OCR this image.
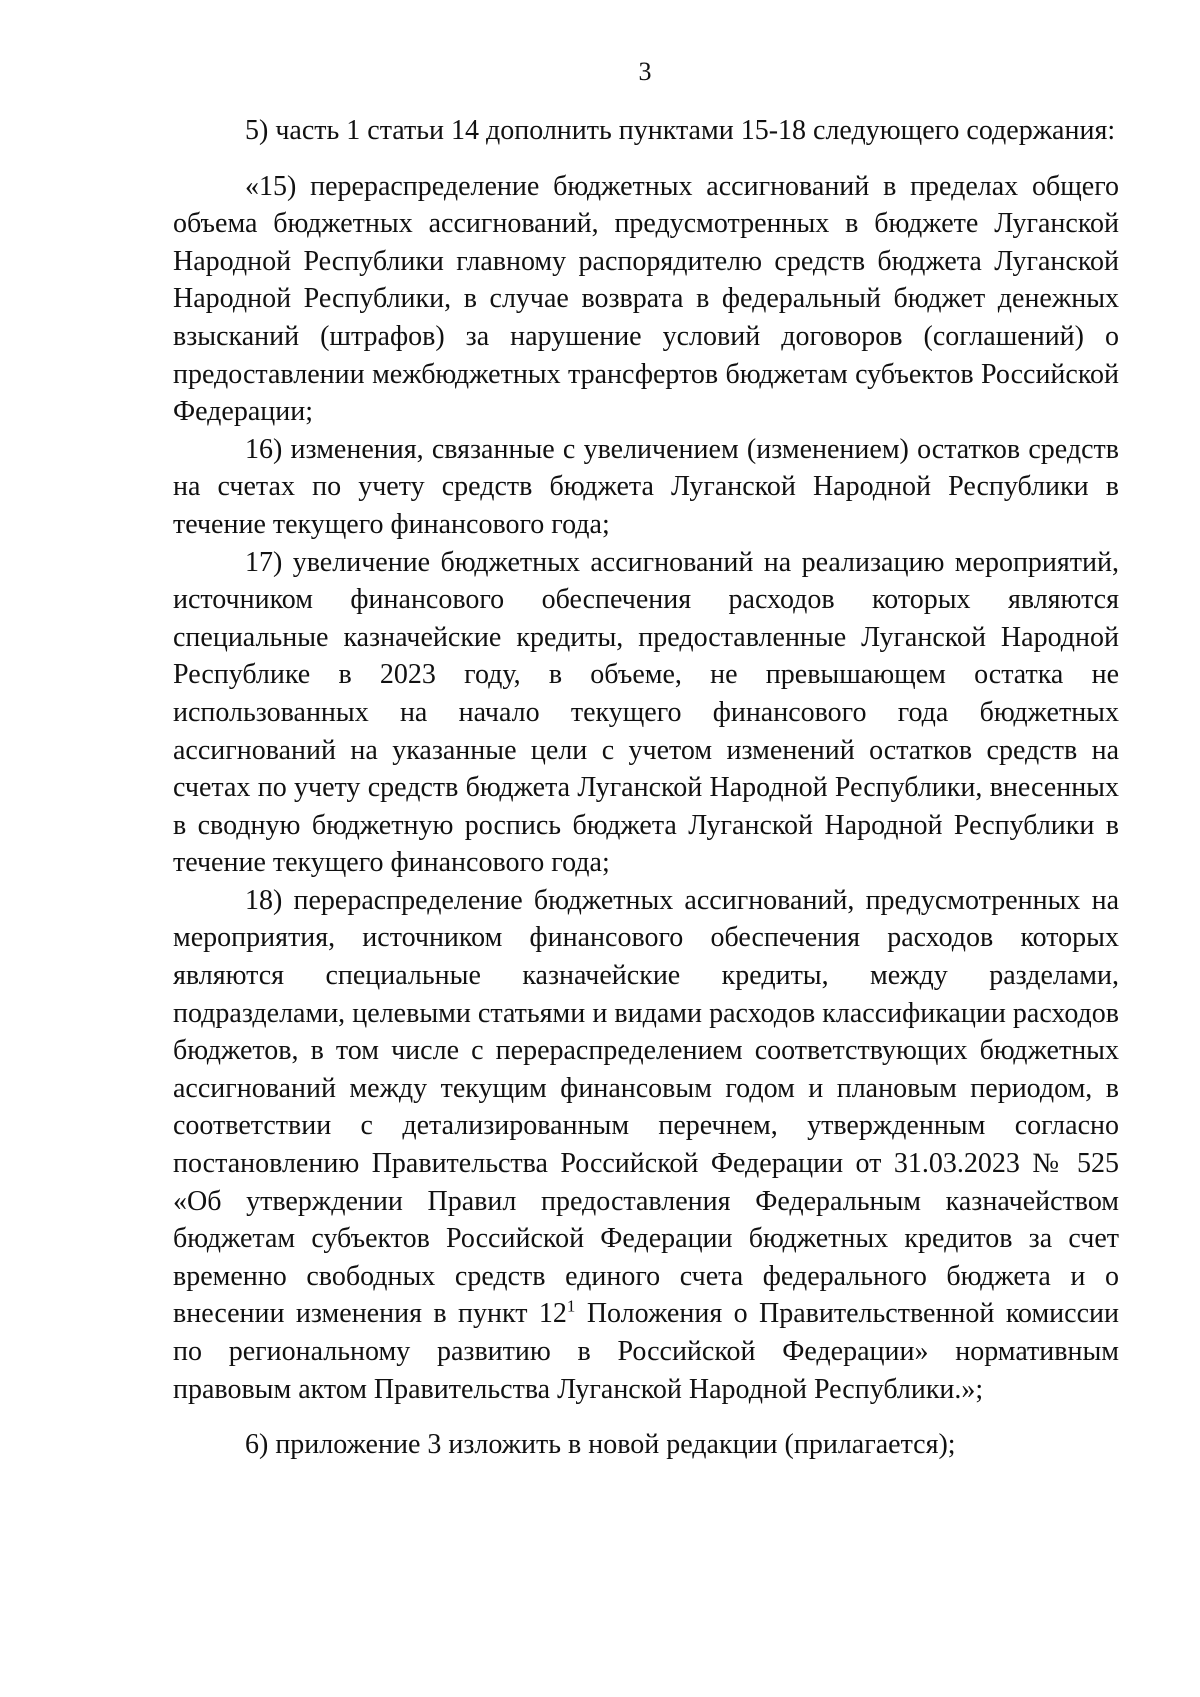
3

5) часть 1 статьи 14 дополнить пунктами 15-18 следующего содержания:

«15) перераспределение бюджетных ассигнований в пределах общего объема бюджетных ассигнований, предусмотренных в бюджете Луганской Народной Республики главному распорядителю средств бюджета Луганской Народной Республики, в случае возврата в федеральный бюджет денежных взысканий (штрафов) за нарушение условий договоров (соглашений) о предоставлении межбюджетных трансфертов бюджетам субъектов Российской Федерации;

16) изменения, связанные с увеличением (изменением) остатков средств на счетах по учету средств бюджета Луганской Народной Республики в течение текущего финансового года;

17) увеличение бюджетных ассигнований на реализацию мероприятий, источником финансового обеспечения расходов которых являются специальные казначейские кредиты, предоставленные Луганской Народной Республике в 2023 году, в объеме, не превышающем остатка не использованных на начало текущего финансового года бюджетных ассигнований на указанные цели с учетом изменений остатков средств на счетах по учету средств бюджета Луганской Народной Республики, внесенных в сводную бюджетную роспись бюджета Луганской Народной Республики в течение текущего финансового года;

18) перераспределение бюджетных ассигнований, предусмотренных на мероприятия, источником финансового обеспечения расходов которых являются специальные казначейские кредиты, между разделами, подразделами, целевыми статьями и видами расходов классификации расходов бюджетов, в том числе с перераспределением соответствующих бюджетных ассигнований между текущим финансовым годом и плановым периодом, в соответствии с детализированным перечнем, утвержденным согласно постановлению Правительства Российской Федерации от 31.03.2023 № 525 «Об утверждении Правил предоставления Федеральным казначейством бюджетам субъектов Российской Федерации бюджетных кредитов за счет временно свободных средств единого счета федерального бюджета и о внесении изменения в пункт $12^1$ Положения о Правительственной комиссии по региональному развитию в Российской Федерации» нормативным правовым актом Правительства Луганской Народной Республики.»;

6) приложение 3 изложить в новой редакции (прилагается);
